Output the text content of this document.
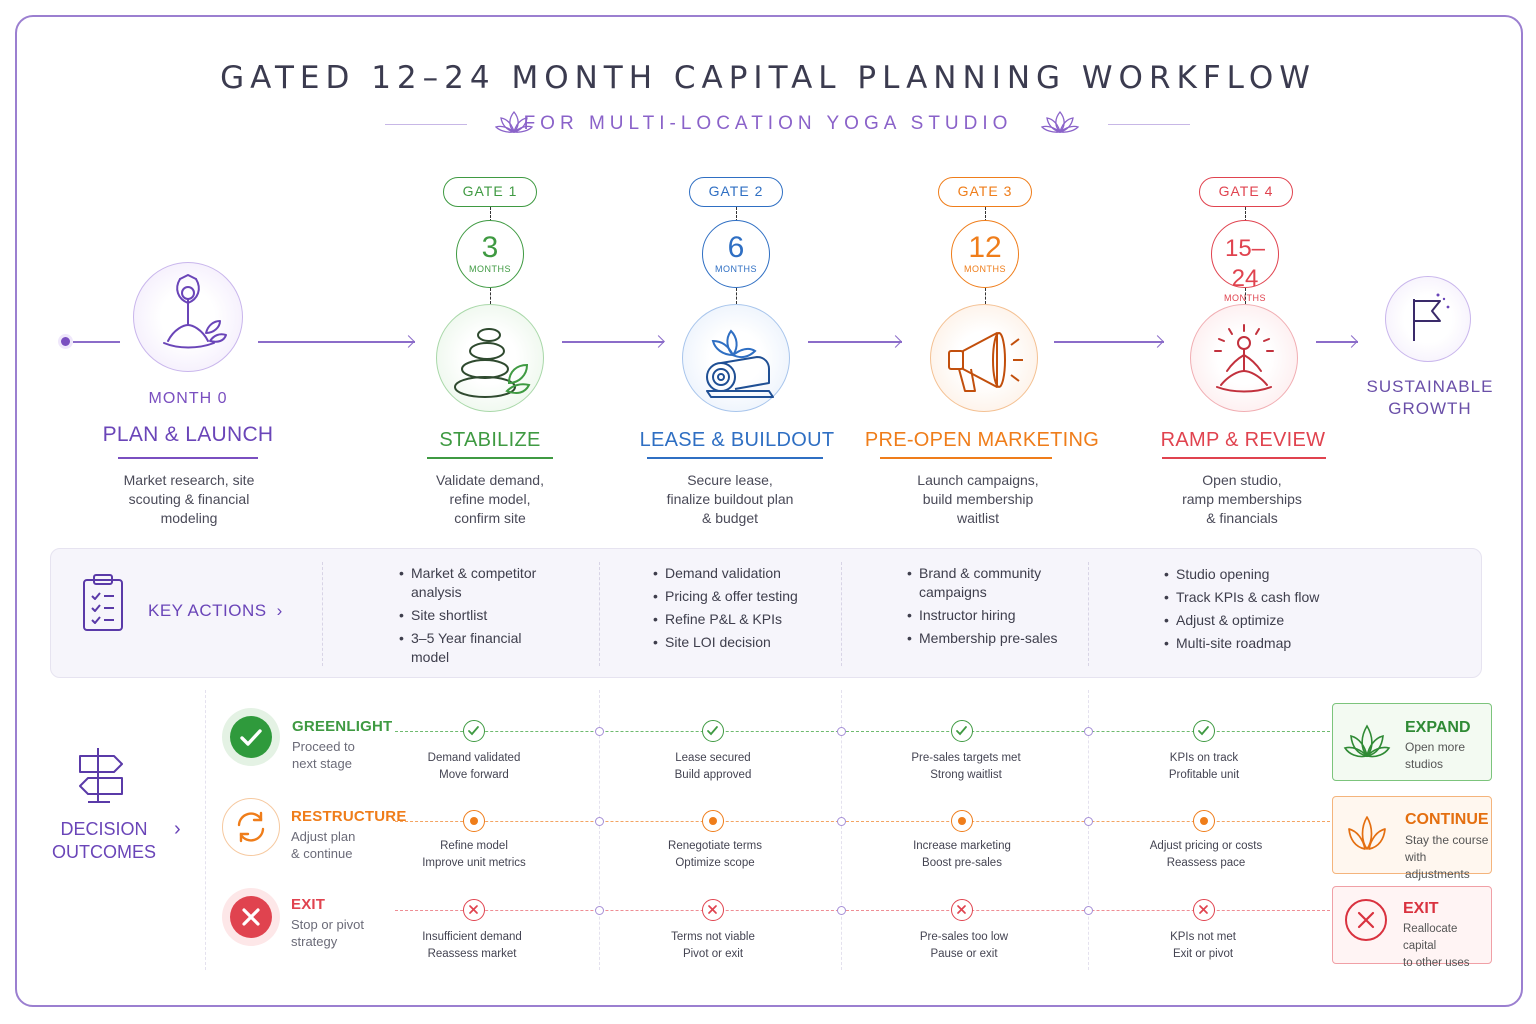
GATED 12–24 MONTH CAPITAL PLANNING WORKFLOW
FOR MULTI-LOCATION YOGA STUDIO
MONTH 0
PLAN & LAUNCH
Market research, site
scouting & financial
modeling
GATE 1
3
MONTHS
STABILIZE
Validate demand,
refine model,
confirm site
GATE 2
6
MONTHS
LEASE & BUILDOUT
Secure lease,
finalize buildout plan
& budget
GATE 3
12
MONTHS
PRE-OPEN MARKETING
Launch campaigns,
build membership
waitlist
GATE 4
15–24
MONTHS
RAMP & REVIEW
Open studio,
ramp memberships
& financials
SUSTAINABLE
GROWTH
KEY ACTIONS ›
• Market & competitor analysis
• Site shortlist
• 3–5 Year financial model
• Demand validation
• Pricing & offer testing
• Refine P&L & KPIs
• Site LOI decision
• Brand & community campaigns
• Instructor hiring
• Membership pre-sales
• Studio opening
• Track KPIs & cash flow
• Adjust & optimize
• Multi-site roadmap
DECISION
OUTCOMES
›
GREENLIGHT
Proceed to
next stage
RESTRUCTURE
Adjust plan
& continue
EXIT
Stop or pivot
strategy
Demand validated
Move forward
Lease secured
Build approved
Pre-sales targets met
Strong waitlist
KPIs on track
Profitable unit
Refine model
Improve unit metrics
Renegotiate terms
Optimize scope
Increase marketing
Boost pre-sales
Adjust pricing or costs
Reassess pace
Insufficient demand
Reassess market
Terms not viable
Pivot or exit
Pre-sales too low
Pause or exit
KPIs not met
Exit or pivot
EXPAND
Open more
studios
CONTINUE
Stay the course
with adjustments
EXIT
Reallocate capital
to other uses
